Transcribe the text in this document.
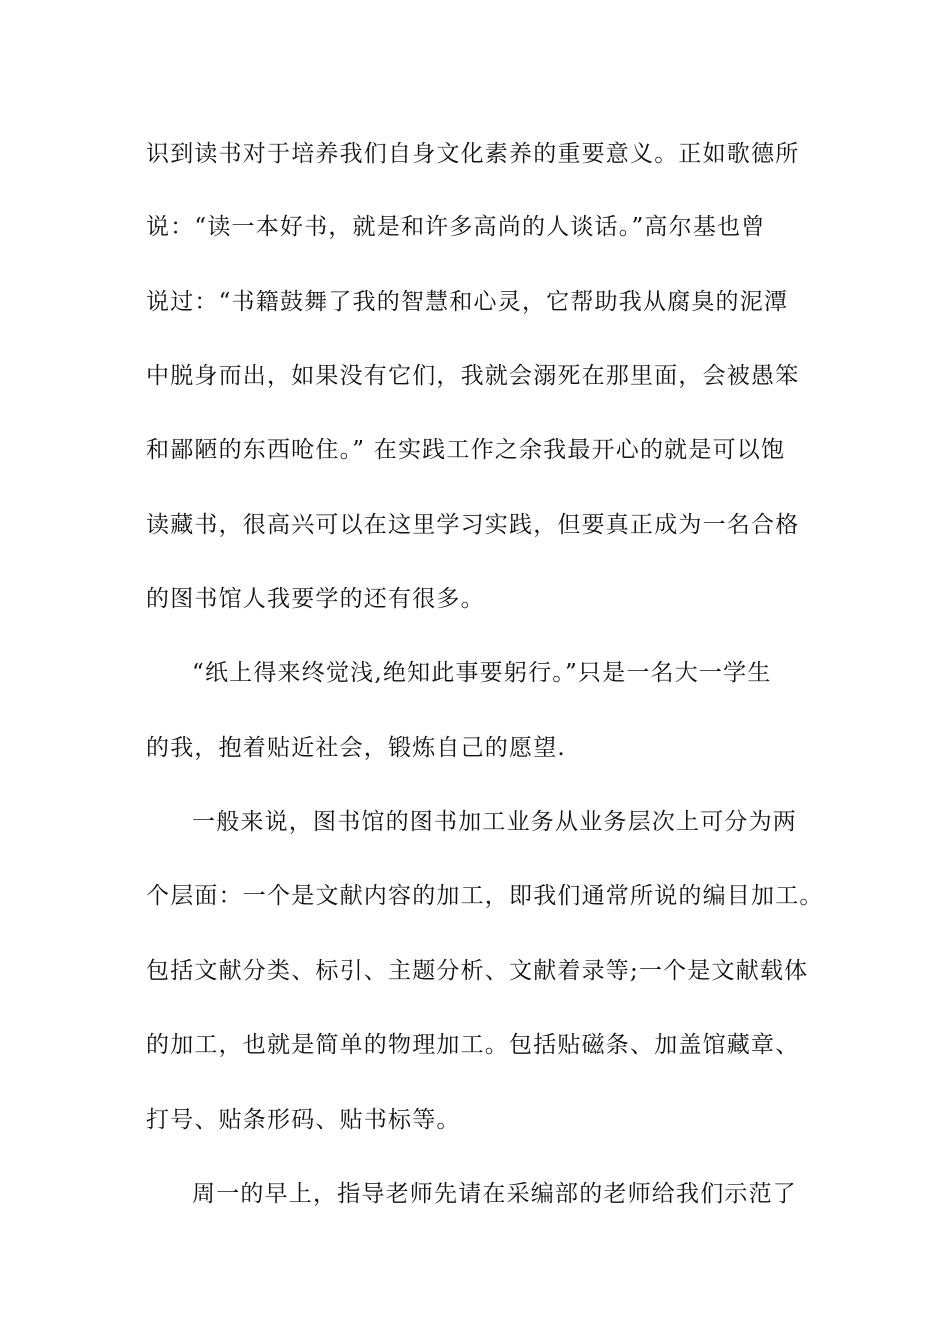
识到读书对于培养我们自身文化素养的重要意义。正如歌德所
说：“读一本好书，就是和许多高尚的人谈话。”高尔基也曾
说过：“书籍鼓舞了我的智慧和心灵，它帮助我从腐臭的泥潭
中脱身而出，如果没有它们，我就会溺死在那里面，会被愚笨
和鄙陋的东西呛住。” 在实践工作之余我最开心的就是可以饱
读藏书，很高兴可以在这里学习实践，但要真正成为一名合格
的图书馆人我要学的还有很多。
“纸上得来终觉浅,绝知此事要躬行。”只是一名大一学生
的我，抱着贴近社会，锻炼自己的愿望.
一般来说，图书馆的图书加工业务从业务层次上可分为两
个层面：一个是文献内容的加工，即我们通常所说的编目加工。
包括文献分类、标引、主题分析、文献着录等;一个是文献载体
的加工，也就是简单的物理加工。包括贴磁条、加盖馆藏章、
打号、贴条形码、贴书标等。
周一的早上，指导老师先请在采编部的老师给我们示范了
